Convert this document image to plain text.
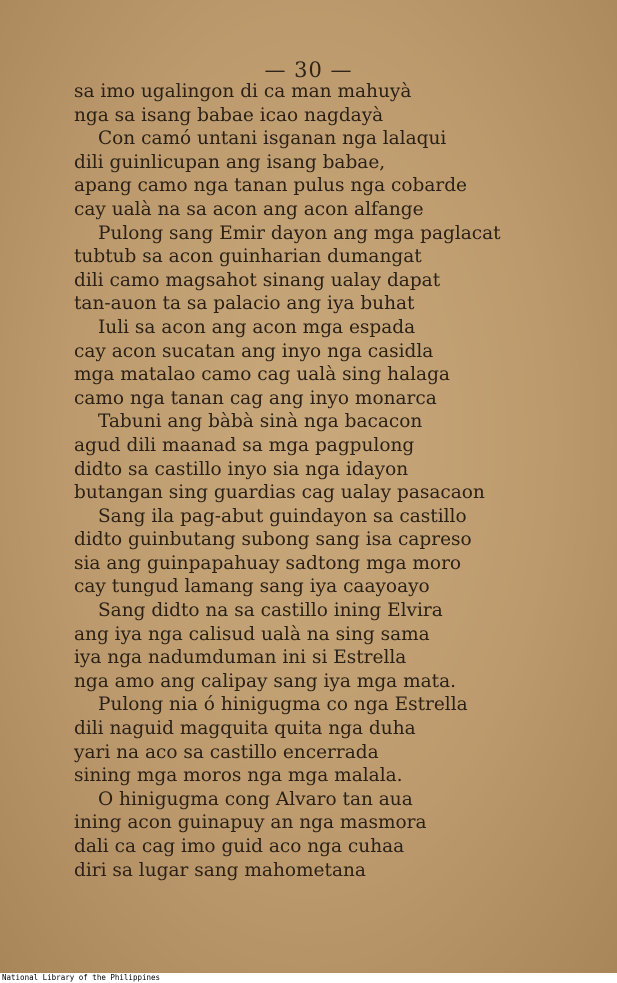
— 30 —
sa imo ugalingon di ca man mahuyà
nga sa isang babae icao nagdayà
Con camó untani isganan nga lalaqui
dili guinlicupan ang isang babae,
apang camo nga tanan pulus nga cobarde
cay ualà na sa acon ang acon alfange
Pulong sang Emir dayon ang mga paglacat
tubtub sa acon guinharian dumangat
dili camo magsahot sinang ualay dapat
tan-auon ta sa palacio ang iya buhat
Iuli sa acon ang acon mga espada
cay acon sucatan ang inyo nga casidla
mga matalao camo cag ualà sing halaga
camo nga tanan cag ang inyo monarca
Tabuni ang bàbà sinà nga bacacon
agud dili maanad sa mga pagpulong
didto sa castillo inyo sia nga idayon
butangan sing guardias cag ualay pasacaon
Sang ila pag-abut guindayon sa castillo
didto guinbutang subong sang isa capreso
sia ang guinpapahuay sadtong mga moro
cay tungud lamang sang iya caayoayo
Sang didto na sa castillo ining Elvira
ang iya nga calisud ualà na sing sama
iya nga nadumduman ini si Estrella
nga amo ang calipay sang iya mga mata.
Pulong nia ó hinigugma co nga Estrella
dili naguid magquita quita nga duha
yari na aco sa castillo encerrada
sining mga moros nga mga malala.
O hinigugma cong Alvaro tan aua
ining acon guinapuy an nga masmora
dali ca cag imo guid aco nga cuhaa
diri sa lugar sang mahometana
National Library of the Philippines
